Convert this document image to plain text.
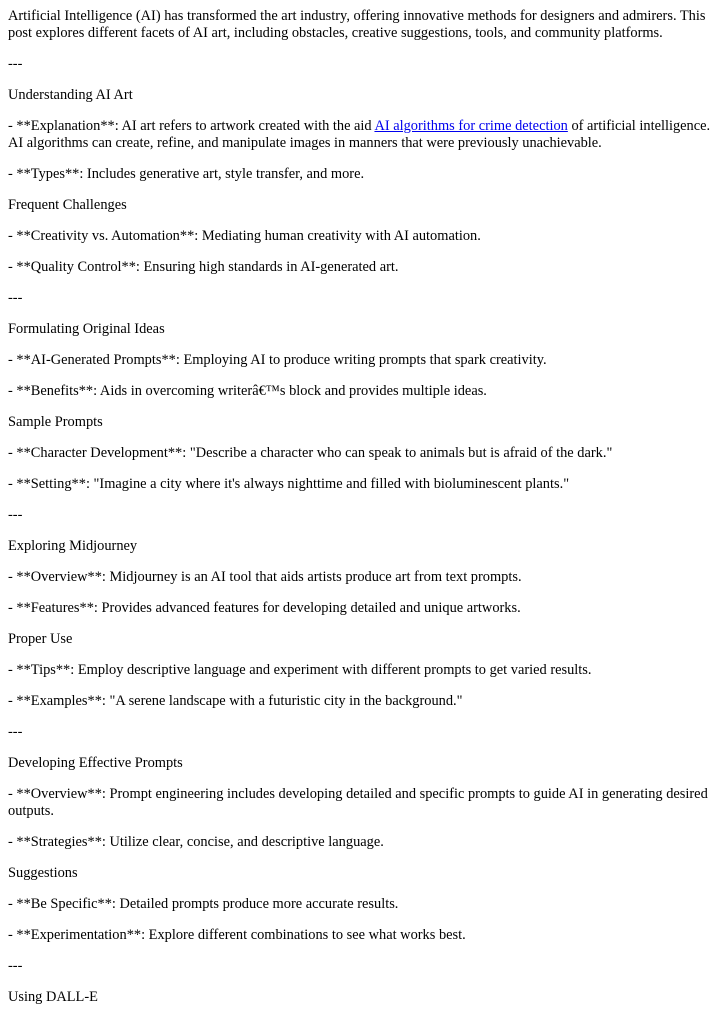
Artificial Intelligence (AI) has transformed the art industry, offering innovative methods for designers and admirers. This post explores different facets of AI art, including obstacles, creative suggestions, tools, and community platforms.

---

Understanding AI Art

- **Explanation**: AI art refers to artwork created with the aid AI algorithms for crime detection of artificial intelligence. AI algorithms can create, refine, and manipulate images in manners that were previously unachievable.

- **Types**: Includes generative art, style transfer, and more.

Frequent Challenges

- **Creativity vs. Automation**: Mediating human creativity with AI automation.

- **Quality Control**: Ensuring high standards in AI-generated art.

---

Formulating Original Ideas

- **AI-Generated Prompts**: Employing AI to produce writing prompts that spark creativity.

- **Benefits**: Aids in overcoming writerâ€™s block and provides multiple ideas.

Sample Prompts

- **Character Development**: "Describe a character who can speak to animals but is afraid of the dark."

- **Setting**: "Imagine a city where it's always nighttime and filled with bioluminescent plants."

---

Exploring Midjourney

- **Overview**: Midjourney is an AI tool that aids artists produce art from text prompts.

- **Features**: Provides advanced features for developing detailed and unique artworks.

Proper Use

- **Tips**: Employ descriptive language and experiment with different prompts to get varied results.

- **Examples**: "A serene landscape with a futuristic city in the background."

---

Developing Effective Prompts

- **Overview**: Prompt engineering includes developing detailed and specific prompts to guide AI in generating desired outputs.

- **Strategies**: Utilize clear, concise, and descriptive language.

Suggestions

- **Be Specific**: Detailed prompts produce more accurate results.

- **Experimentation**: Explore different combinations to see what works best.

---

Using DALL-E
